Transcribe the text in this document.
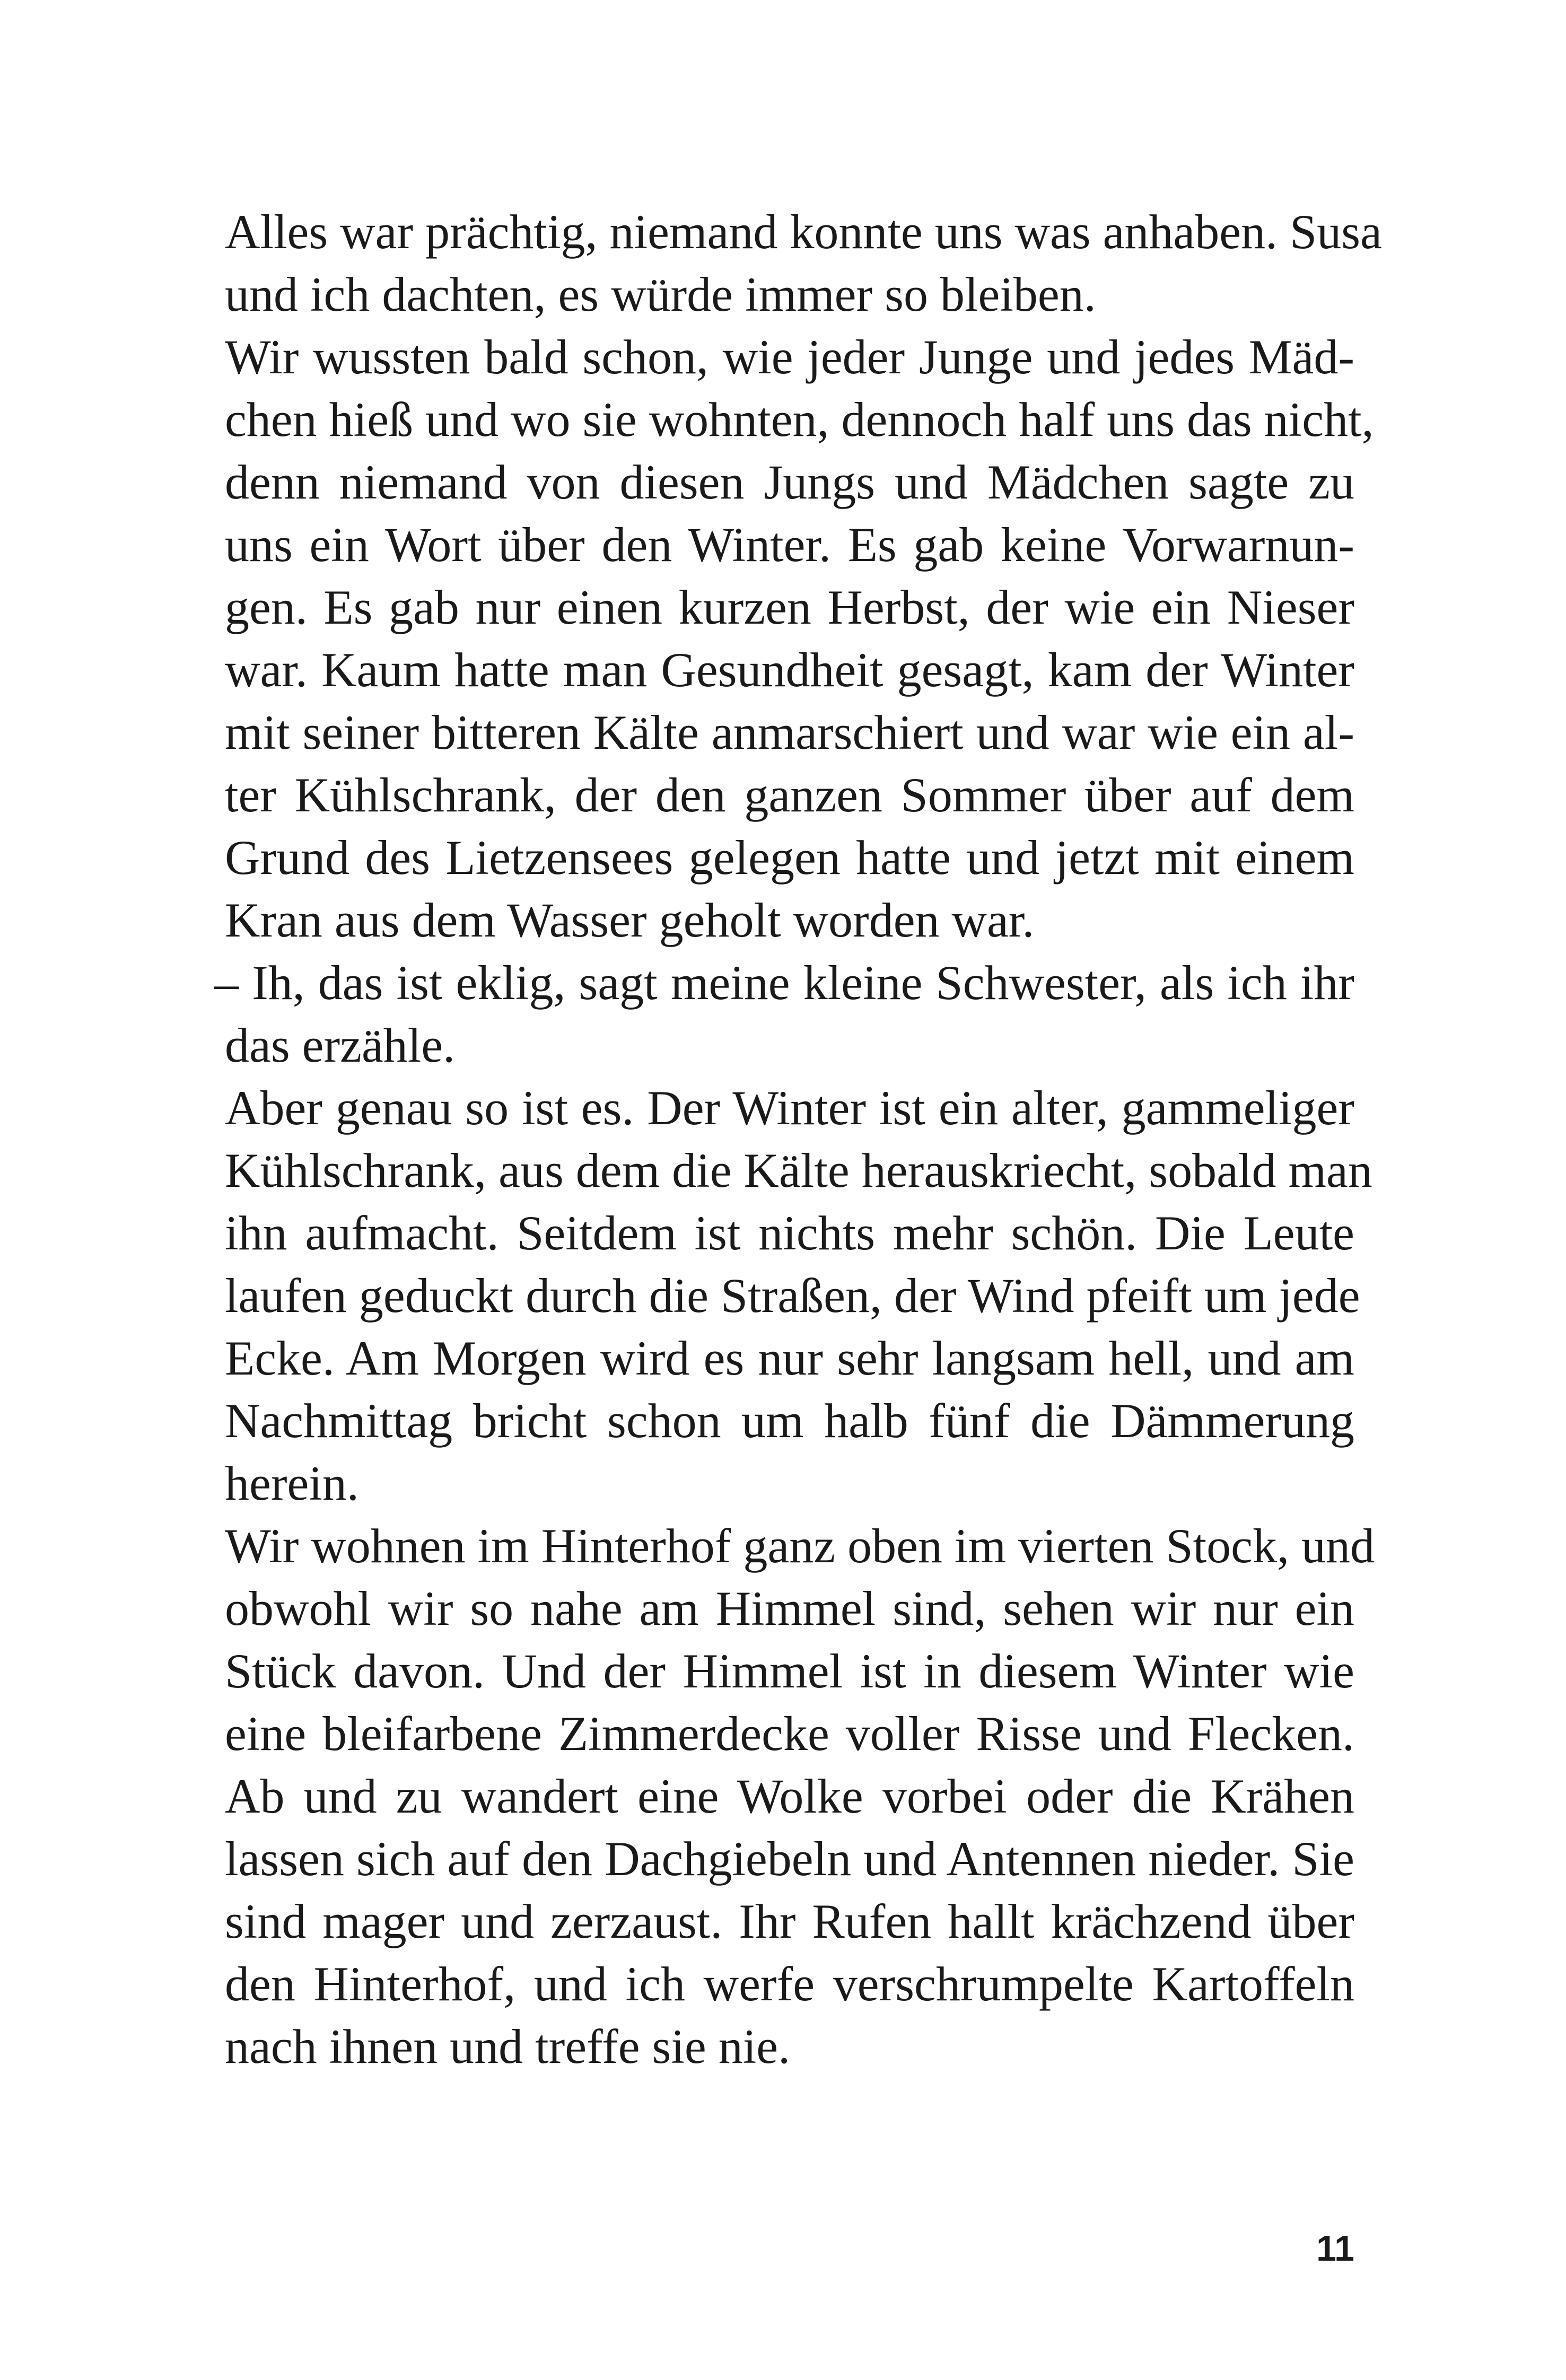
Alles war prächtig, niemand konnte uns was anhaben. Susa
und ich dachten, es würde immer so bleiben.
Wir wussten bald schon, wie jeder Junge und jedes Mäd-
chen hieß und wo sie wohnten, dennoch half uns das nicht,
denn niemand von diesen Jungs und Mädchen sagte zu
uns ein Wort über den Winter. Es gab keine Vorwarnun-
gen. Es gab nur einen kurzen Herbst, der wie ein Nieser
war. Kaum hatte man Gesundheit gesagt, kam der Winter
mit seiner bitteren Kälte anmarschiert und war wie ein al-
ter Kühlschrank, der den ganzen Sommer über auf dem
Grund des Lietzensees gelegen hatte und jetzt mit einem
Kran aus dem Wasser geholt worden war.
– Ih, das ist eklig, sagt meine kleine Schwester, als ich ihr
das erzähle.
Aber genau so ist es. Der Winter ist ein alter, gammeliger
Kühlschrank, aus dem die Kälte herauskriecht, sobald man
ihn aufmacht. Seitdem ist nichts mehr schön. Die Leute
laufen geduckt durch die Straßen, der Wind pfeift um jede
Ecke. Am Morgen wird es nur sehr langsam hell, und am
Nachmittag bricht schon um halb fünf die Dämmerung
herein.
Wir wohnen im Hinterhof ganz oben im vierten Stock, und
obwohl wir so nahe am Himmel sind, sehen wir nur ein
Stück davon. Und der Himmel ist in diesem Winter wie
eine bleifarbene Zimmerdecke voller Risse und Flecken.
Ab und zu wandert eine Wolke vorbei oder die Krähen
lassen sich auf den Dachgiebeln und Antennen nieder. Sie
sind mager und zerzaust. Ihr Rufen hallt krächzend über
den Hinterhof, und ich werfe verschrumpelte Kartoffeln
nach ihnen und treffe sie nie.
11
